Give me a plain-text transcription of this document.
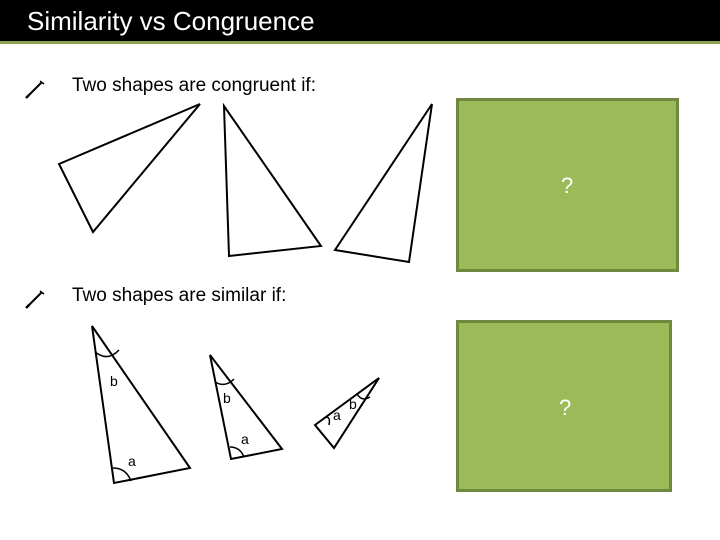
Similarity vs Congruence
Two shapes are congruent if:
Two shapes are similar if:
?
?
b
a
b
a
a
b
